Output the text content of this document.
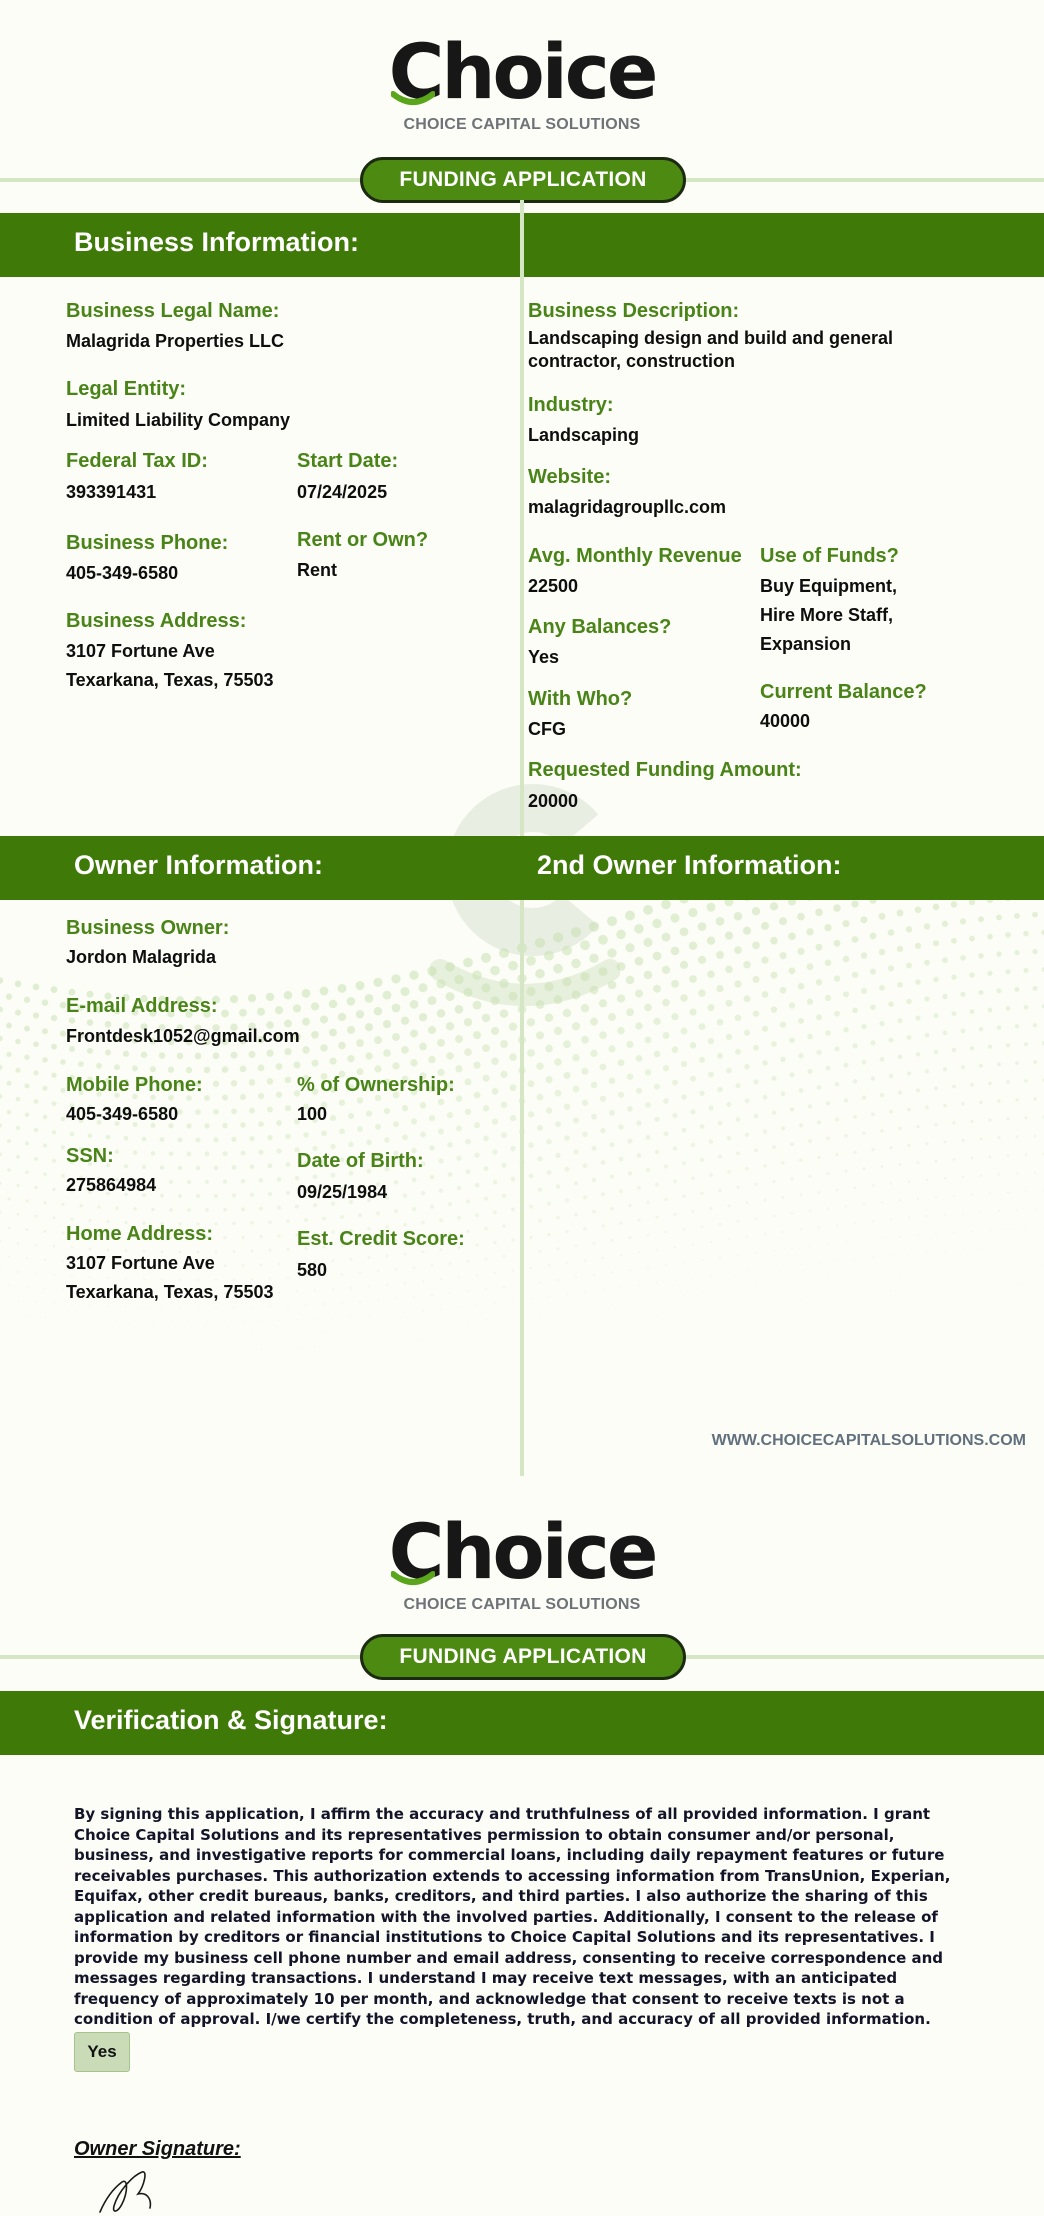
Choice
CHOICE CAPITAL SOLUTIONS
FUNDING APPLICATION
Business Information:
Business Legal Name:
Malagrida Properties LLC
Legal Entity:
Limited Liability Company
Federal Tax ID:
393391431
Start Date:
07/24/2025
Business Phone:
405-349-6580
Rent or Own?
Rent
Business Address:
3107 Fortune Ave
Texarkana, Texas, 75503
Business Description:
Landscaping design and build and general
contractor, construction
Industry:
Landscaping
Website:
malagridagroupllc.com
Avg. Monthly Revenue
22500
Use of Funds?
Buy Equipment,
Hire More Staff,
Expansion
Any Balances?
Yes
With Who?
CFG
Current Balance?
40000
Requested Funding Amount:
20000
Owner Information:	2nd Owner Information:
Business Owner:
Jordon Malagrida
E-mail Address:
Frontdesk1052@gmail.com
Mobile Phone:
405-349-6580
% of Ownership:
100
SSN:
275864984
Date of Birth:
09/25/1984
Home Address:
3107 Fortune Ave
Texarkana, Texas, 75503
Est. Credit Score:
580
WWW.CHOICECAPITALSOLUTIONS.COM
Choice
CHOICE CAPITAL SOLUTIONS
FUNDING APPLICATION
Verification & Signature:
By signing this application, I affirm the accuracy and truthfulness of all provided information. I grant Choice Capital Solutions and its representatives permission to obtain consumer and/or personal, business, and investigative reports for commercial loans, including daily repayment features or future receivables purchases. This authorization extends to accessing information from TransUnion, Experian, Equifax, other credit bureaus, banks, creditors, and third parties. I also authorize the sharing of this application and related information with the involved parties. Additionally, I consent to the release of information by creditors or financial institutions to Choice Capital Solutions and its representatives. I provide my business cell phone number and email address, consenting to receive correspondence and messages regarding transactions. I understand I may receive text messages, with an anticipated frequency of approximately 10 per month, and acknowledge that consent to receive texts is not a condition of approval. I/we certify the completeness, truth, and accuracy of all provided information.
Yes
Owner Signature:
